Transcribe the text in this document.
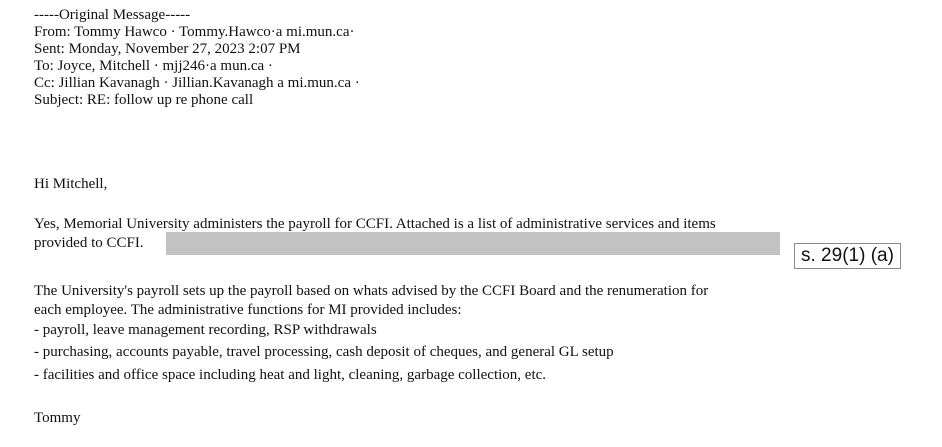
-----Original Message-----
From: Tommy Hawco · Tommy.Hawco·a mi.mun.ca·
Sent: Monday, November 27, 2023 2:07 PM
To: Joyce, Mitchell · mjj246·a mun.ca ·
Cc: Jillian Kavanagh · Jillian.Kavanagh a mi.mun.ca ·
Subject: RE: follow up re phone call
Hi Mitchell,
Yes, Memorial University administers the payroll for CCFI. Attached is a list of administrative services and items
provided to CCFI.
s. 29(1) (a)
The University's payroll sets up the payroll based on whats advised by the CCFI Board and the renumeration for
each employee. The administrative functions for MI provided includes:
- payroll, leave management recording, RSP withdrawals
- purchasing, accounts payable, travel processing, cash deposit of cheques, and general GL setup
- facilities and office space including heat and light, cleaning, garbage collection, etc.
Tommy
